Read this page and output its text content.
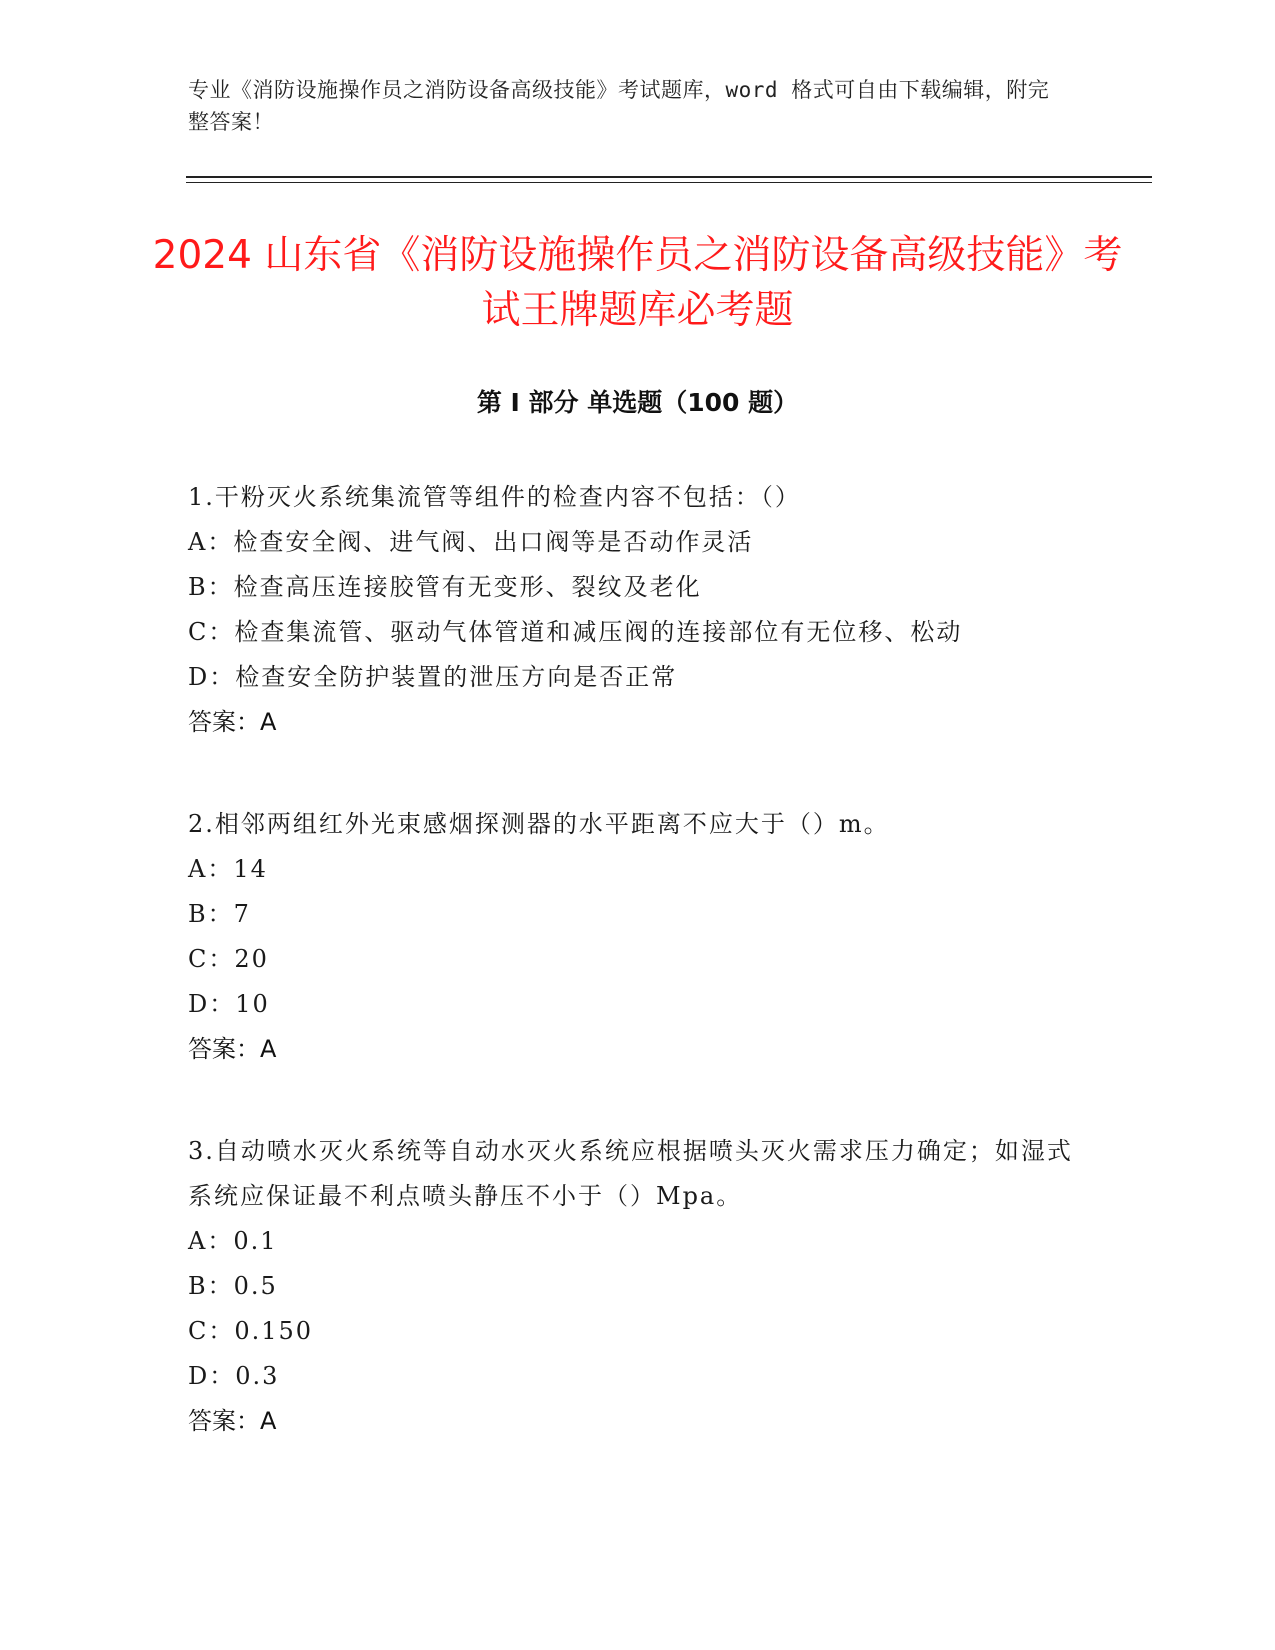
专业《消防设施操作员之消防设备高级技能》考试题库，word 格式可自由下载编辑，附完整答案！
2024 山东省《消防设施操作员之消防设备高级技能》考试王牌题库必考题
第 I 部分 单选题（100 题）
1.干粉灭火系统集流管等组件的检查内容不包括：（）
A：检查安全阀、进气阀、出口阀等是否动作灵活
B：检查高压连接胶管有无变形、裂纹及老化
C：检查集流管、驱动气体管道和减压阀的连接部位有无位移、松动
D：检查安全防护装置的泄压方向是否正常
答案：A
2.相邻两组红外光束感烟探测器的水平距离不应大于（）m。
A：14
B：7
C：20
D：10
答案：A
3.自动喷水灭火系统等自动水灭火系统应根据喷头灭火需求压力确定；如湿式系统应保证最不利点喷头静压不小于（）Mpa。
A：0.1
B：0.5
C：0.150
D：0.3
答案：A
